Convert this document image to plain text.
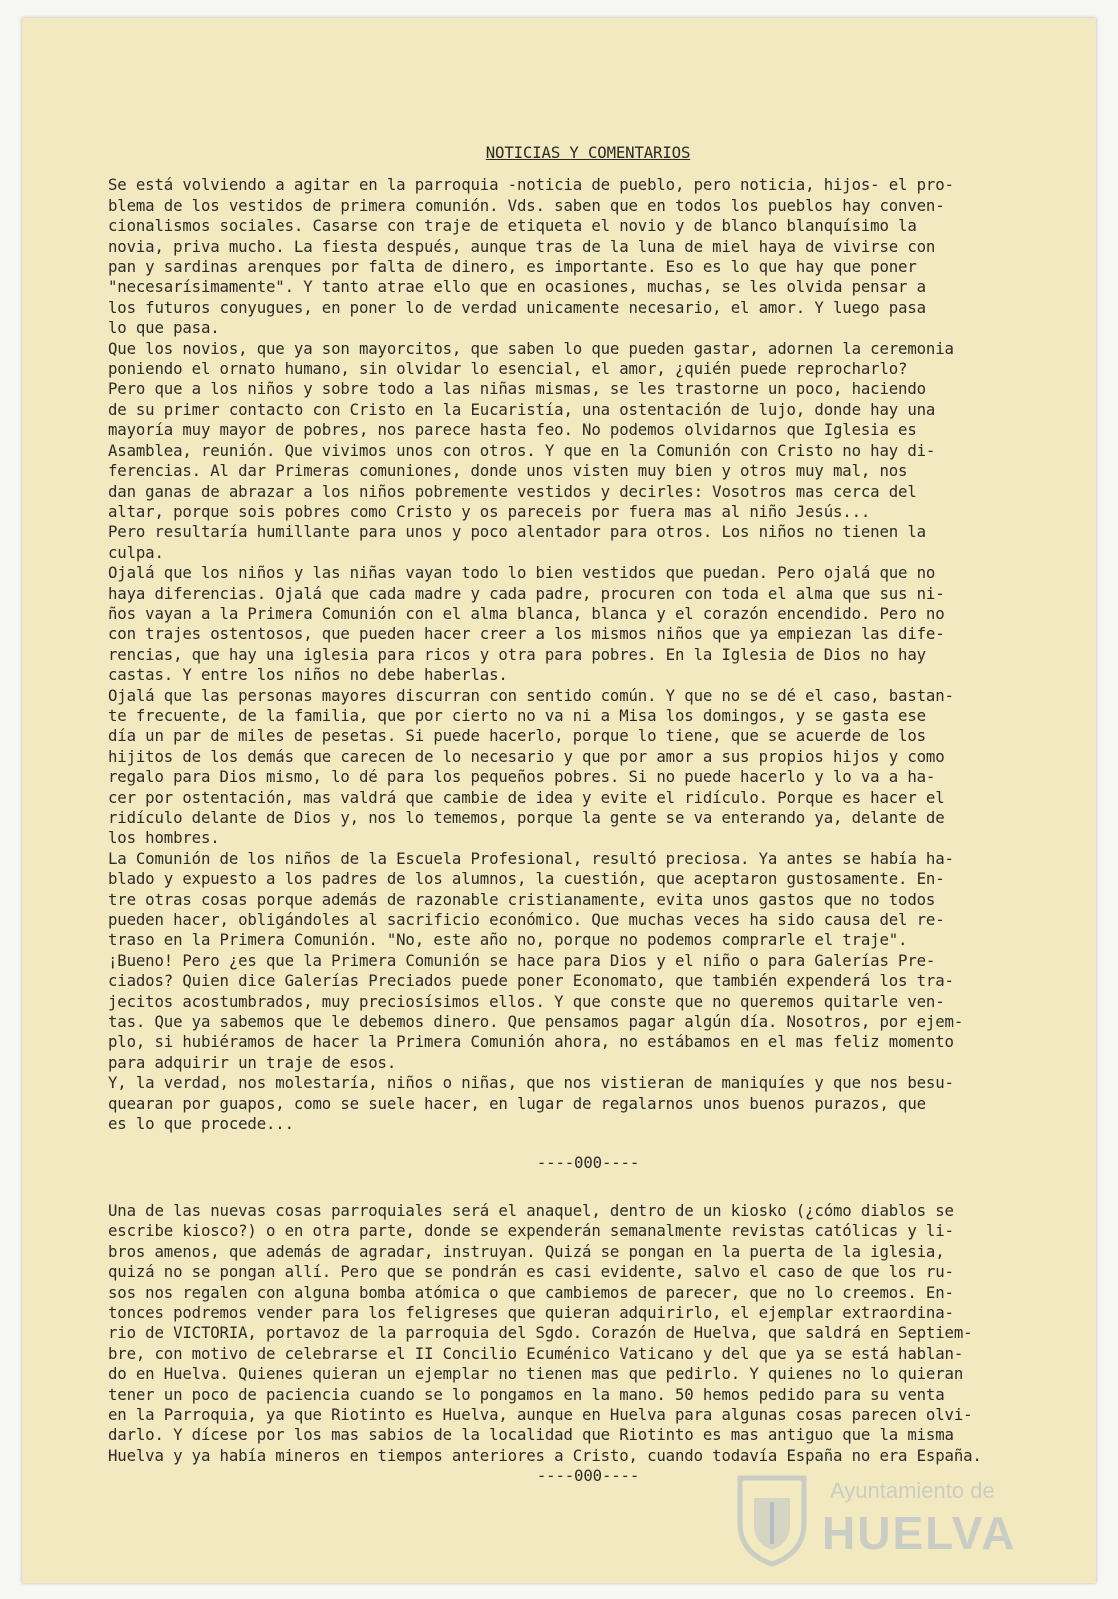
NOTICIAS Y COMENTARIOS
Se está volviendo a agitar en la parroquia -noticia de pueblo, pero noticia, hijos- el pro-
blema de los vestidos de primera comunión. Vds. saben que en todos los pueblos hay conven-
cionalismos sociales. Casarse con traje de etiqueta el novio y de blanco blanquísimo la
novia, priva mucho. La fiesta después, aunque tras de la luna de miel haya de vivirse con
pan y sardinas arenques por falta de dinero, es importante. Eso es lo que hay que poner
"necesarísimamente". Y tanto atrae ello que en ocasiones, muchas, se les olvida pensar a
los futuros conyugues, en poner lo de verdad unicamente necesario, el amor. Y luego pasa
lo que pasa.
Que los novios, que ya son mayorcitos, que saben lo que pueden gastar, adornen la ceremonia
poniendo el ornato humano, sin olvidar lo esencial, el amor, ¿quién puede reprocharlo?
Pero que a los niños y sobre todo a las niñas mismas, se les trastorne un poco, haciendo
de su primer contacto con Cristo en la Eucaristía, una ostentación de lujo, donde hay una
mayoría muy mayor de pobres, nos parece hasta feo. No podemos olvidarnos que Iglesia es
Asamblea, reunión. Que vivimos unos con otros. Y que en la Comunión con Cristo no hay di-
ferencias. Al dar Primeras comuniones, donde unos visten muy bien y otros muy mal, nos
dan ganas de abrazar a los niños pobremente vestidos y decirles: Vosotros mas cerca del
altar, porque sois pobres como Cristo y os pareceis por fuera mas al niño Jesús...
Pero resultaría humillante para unos y poco alentador para otros. Los niños no tienen la
culpa.
Ojalá que los niños y las niñas vayan todo lo bien vestidos que puedan. Pero ojalá que no
haya diferencias. Ojalá que cada madre y cada padre, procuren con toda el alma que sus ni-
ños vayan a la Primera Comunión con el alma blanca, blanca y el corazón encendido. Pero no
con trajes ostentosos, que pueden hacer creer a los mismos niños que ya empiezan las dife-
rencias, que hay una iglesia para ricos y otra para pobres. En la Iglesia de Dios no hay
castas. Y entre los niños no debe haberlas.
Ojalá que las personas mayores discurran con sentido común. Y que no se dé el caso, bastan-
te frecuente, de la familia, que por cierto no va ni a Misa los domingos, y se gasta ese
día un par de miles de pesetas. Si puede hacerlo, porque lo tiene, que se acuerde de los
hijitos de los demás que carecen de lo necesario y que por amor a sus propios hijos y como
regalo para Dios mismo, lo dé para los pequeños pobres. Si no puede hacerlo y lo va a ha-
cer por ostentación, mas valdrá que cambie de idea y evite el ridículo. Porque es hacer el
ridículo delante de Dios y, nos lo tememos, porque la gente se va enterando ya, delante de
los hombres.
La Comunión de los niños de la Escuela Profesional, resultó preciosa. Ya antes se había ha-
blado y expuesto a los padres de los alumnos, la cuestión, que aceptaron gustosamente. En-
tre otras cosas porque además de razonable cristianamente, evita unos gastos que no todos
pueden hacer, obligándoles al sacrificio económico. Que muchas veces ha sido causa del re-
traso en la Primera Comunión. "No, este año no, porque no podemos comprarle el traje".
¡Bueno! Pero ¿es que la Primera Comunión se hace para Dios y el niño o para Galerías Pre-
ciados? Quien dice Galerías Preciados puede poner Economato, que también expenderá los tra-
jecitos acostumbrados, muy preciosísimos ellos. Y que conste que no queremos quitarle ven-
tas. Que ya sabemos que le debemos dinero. Que pensamos pagar algún día. Nosotros, por ejem-
plo, si hubiéramos de hacer la Primera Comunión ahora, no estábamos en el mas feliz momento
para adquirir un traje de esos.
Y, la verdad, nos molestaría, niños o niñas, que nos vistieran de maniquíes y que nos besu-
quearan por guapos, como se suele hacer, en lugar de regalarnos unos buenos purazos, que
es lo que procede...
----000----
Una de las nuevas cosas parroquiales será el anaquel, dentro de un kiosko (¿cómo diablos se
escribe kiosco?) o en otra parte, donde se expenderán semanalmente revistas católicas y li-
bros amenos, que además de agradar, instruyan. Quizá se pongan en la puerta de la iglesia,
quizá no se pongan allí. Pero que se pondrán es casi evidente, salvo el caso de que los ru-
sos nos regalen con alguna bomba atómica o que cambiemos de parecer, que no lo creemos. En-
tonces podremos vender para los feligreses que quieran adquirirlo, el ejemplar extraordina-
rio de VICTORIA, portavoz de la parroquia del Sgdo. Corazón de Huelva, que saldrá en Septiem-
bre, con motivo de celebrarse el II Concilio Ecuménico Vaticano y del que ya se está hablan-
do en Huelva. Quienes quieran un ejemplar no tienen mas que pedirlo. Y quienes no lo quieran
tener un poco de paciencia cuando se lo pongamos en la mano. 50 hemos pedido para su venta
en la Parroquia, ya que Riotinto es Huelva, aunque en Huelva para algunas cosas parecen olvi-
darlo. Y dícese por los mas sabios de la localidad que Riotinto es mas antiguo que la misma
Huelva y ya había mineros en tiempos anteriores a Cristo, cuando todavía España no era España.
----000----
Ayuntamiento de
HUELVA
